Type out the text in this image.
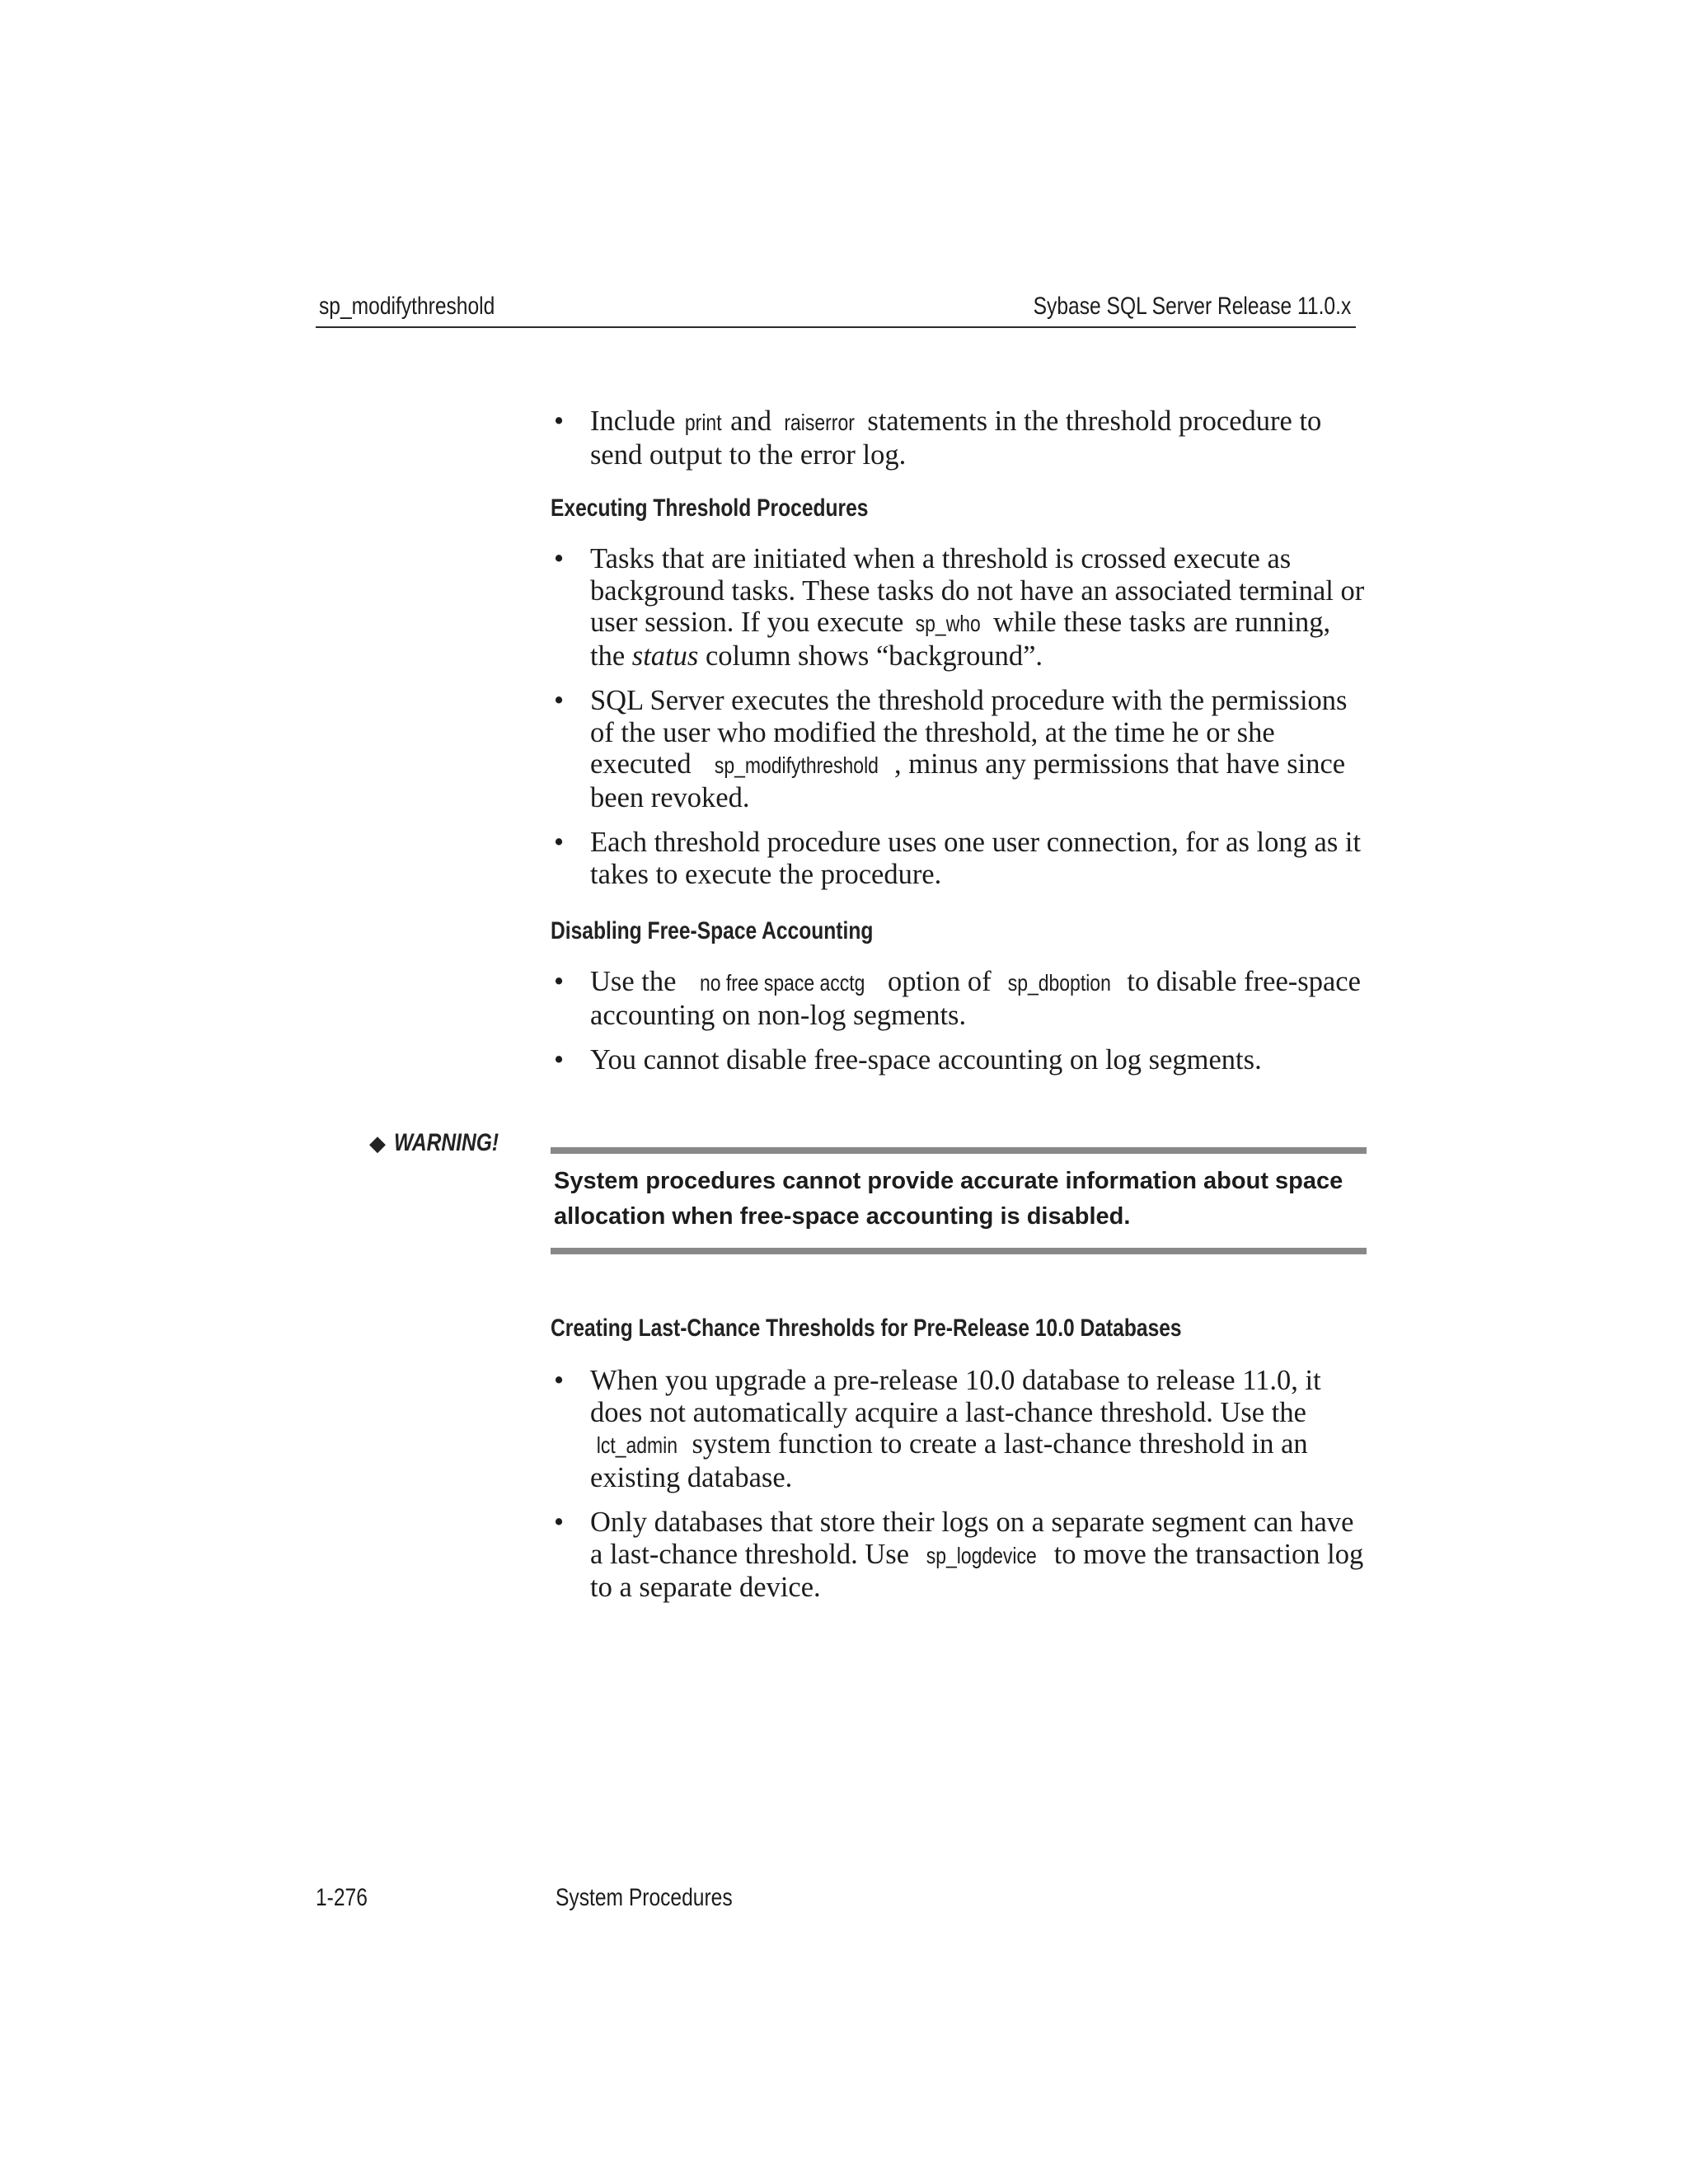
sp_modifythreshold	Sybase SQL Server Release 11.0.x
• Include print and raiserror statements in the threshold procedure to send output to the error log.
Executing Threshold Procedures
• Tasks that are initiated when a threshold is crossed execute as background tasks. These tasks do not have an associated terminal or user session. If you execute sp_who while these tasks are running, the status column shows “background”.
• SQL Server executes the threshold procedure with the permissions of the user who modified the threshold, at the time he or she executed sp_modifythreshold , minus any permissions that have since been revoked.
• Each threshold procedure uses one user connection, for as long as it takes to execute the procedure.
Disabling Free-Space Accounting
• Use the no free space acctg option of sp_dboption to disable free-space accounting on non-log segments.
• You cannot disable free-space accounting on log segments.
◆ WARNING!
System procedures cannot provide accurate information about space allocation when free-space accounting is disabled.
Creating Last-Chance Thresholds for Pre-Release 10.0 Databases
• When you upgrade a pre-release 10.0 database to release 11.0, it does not automatically acquire a last-chance threshold. Use the lct_admin system function to create a last-chance threshold in an existing database.
• Only databases that store their logs on a separate segment can have a last-chance threshold. Use sp_logdevice to move the transaction log to a separate device.
1-276	System Procedures
